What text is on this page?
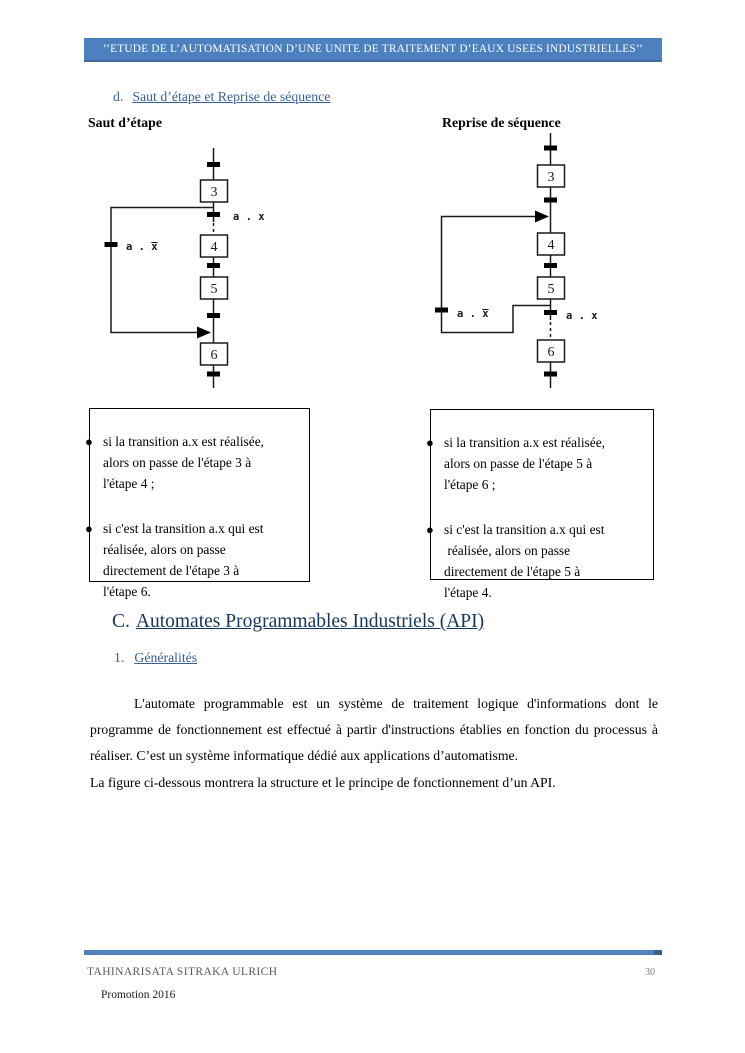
’’ETUDE DE L’AUTOMATISATION D’UNE UNITE DE TRAITEMENT D’EAUX USEES INDUSTRIELLES’’
d. Saut d’étape et Reprise de séquence
Saut d’étape	Reprise de séquence
3
4
5
6
a . x
a . x̅
3
4
5
6
a . x̅	a . x
● si la transition a.x est réalisée,
alors on passe de l'étape 3 à
l'étape 4 ;
● si c'est la transition a.x qui est
réalisée, alors on passe
directement de l'étape 3 à
l'étape 6.
● si la transition a.x est réalisée,
alors on passe de l'étape 5 à
l'étape 6 ;
● si c'est la transition a.x qui est
réalisée, alors on passe
directement de l'étape 5 à
l'étape 4.
C. Automates Programmables Industriels (API)
1. Généralités

L'automate programmable est un système de traitement logique d'informations dont le programme de fonctionnement est effectué à partir d'instructions établies en fonction du processus à réaliser. C’est un système informatique dédié aux applications d’automatisme.

La figure ci-dessous montrera la structure et le principe de fonctionnement d’un API.

TAHINARISATA SITRAKA ULRICH	30
Promotion 2016
